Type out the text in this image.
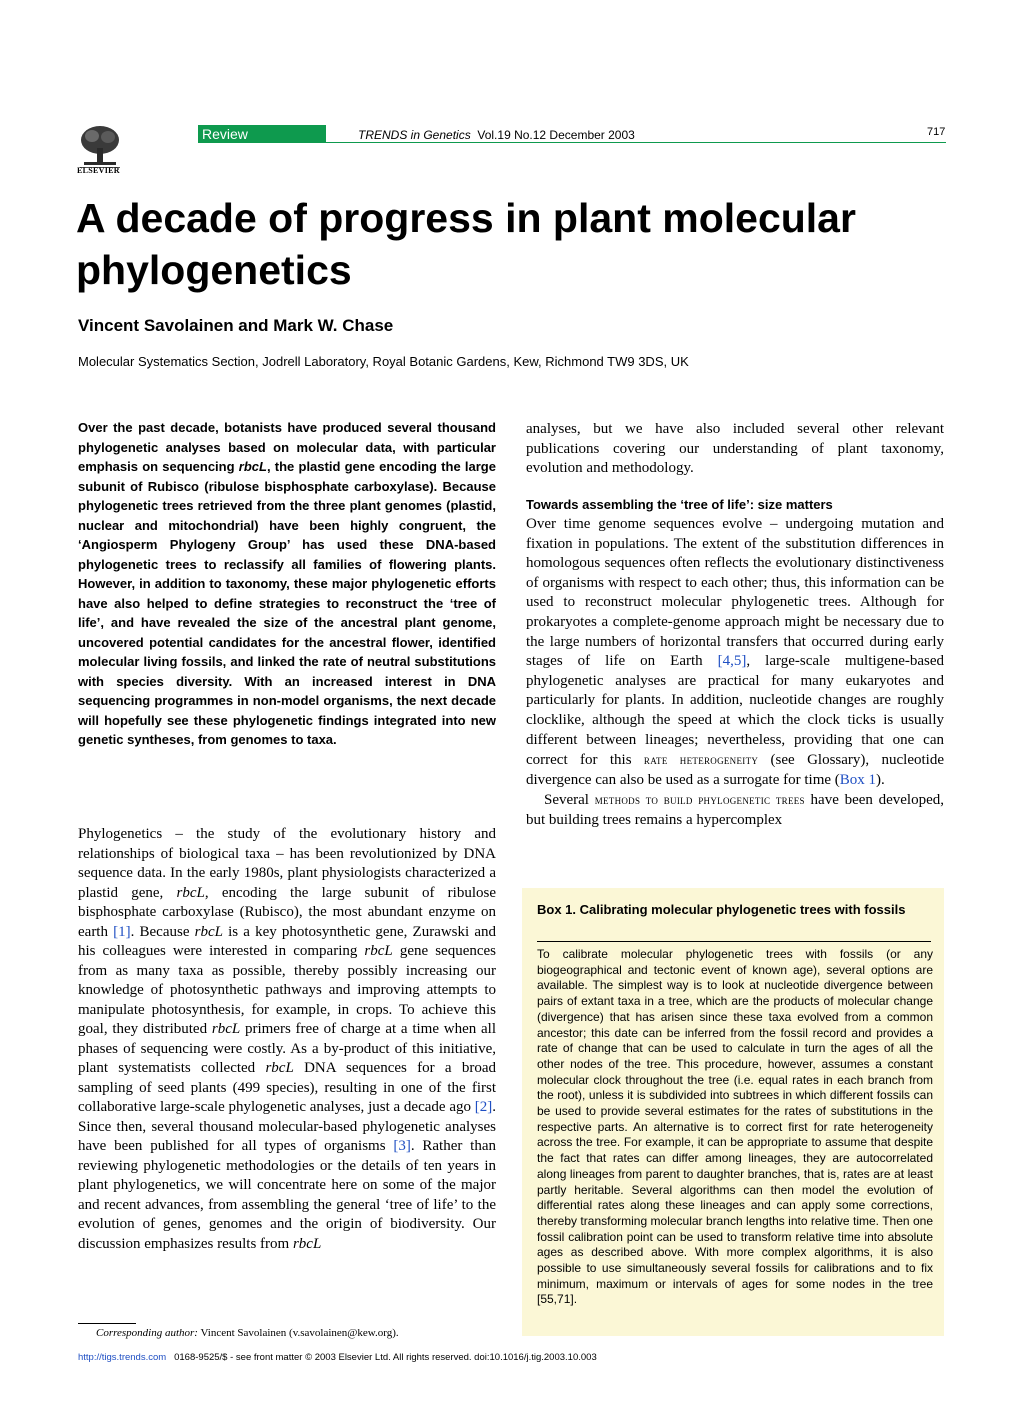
ELSEVIER
Review	TRENDS in Genetics Vol.19 No.12 December 2003	717
A decade of progress in plant molecular phylogenetics
Vincent Savolainen and Mark W. Chase
Molecular Systematics Section, Jodrell Laboratory, Royal Botanic Gardens, Kew, Richmond TW9 3DS, UK

Over the past decade, botanists have produced several thousand phylogenetic analyses based on molecular data, with particular emphasis on sequencing rbcL, the plastid gene encoding the large subunit of Rubisco (ribulose bisphosphate carboxylase). Because phylogenetic trees retrieved from the three plant genomes (plastid, nuclear and mitochondrial) have been highly congruent, the ‘Angiosperm Phylogeny Group’ has used these DNA-based phylogenetic trees to reclassify all families of flowering plants. However, in addition to taxonomy, these major phylogenetic efforts have also helped to define strategies to reconstruct the ‘tree of life’, and have revealed the size of the ancestral plant genome, uncovered potential candidates for the ancestral flower, identified molecular living fossils, and linked the rate of neutral substitutions with species diversity. With an increased interest in DNA sequencing programmes in non-model organisms, the next decade will hopefully see these phylogenetic findings integrated into new genetic syntheses, from genomes to taxa.

Phylogenetics – the study of the evolutionary history and relationships of biological taxa – has been revolutionized by DNA sequence data. In the early 1980s, plant physiologists characterized a plastid gene, rbcL, encoding the large subunit of ribulose bisphosphate carboxylase (Rubisco), the most abundant enzyme on earth [1]. Because rbcL is a key photosynthetic gene, Zurawski and his colleagues were interested in comparing rbcL gene sequences from as many taxa as possible, thereby possibly increasing our knowledge of photosynthetic pathways and improving attempts to manipulate photosynthesis, for example, in crops. To achieve this goal, they distributed rbcL primers free of charge at a time when all phases of sequencing were costly. As a by-product of this initiative, plant systematists collected rbcL DNA sequences for a broad sampling of seed plants (499 species), resulting in one of the first collaborative large-scale phylogenetic analyses, just a decade ago [2]. Since then, several thousand molecular-based phylogenetic analyses have been published for all types of organisms [3]. Rather than reviewing phylogenetic methodologies or the details of ten years in plant phylogenetics, we will concentrate here on some of the major and recent advances, from assembling the general ‘tree of life’ to the evolution of genes, genomes and the origin of biodiversity. Our discussion emphasizes results from rbcL

analyses, but we have also included several other relevant publications covering our understanding of plant taxonomy, evolution and methodology.

Towards assembling the ‘tree of life’: size matters

Over time genome sequences evolve – undergoing mutation and fixation in populations. The extent of the substitution differences in homologous sequences often reflects the evolutionary distinctiveness of organisms with respect to each other; thus, this information can be used to reconstruct molecular phylogenetic trees. Although for prokaryotes a complete-genome approach might be necessary due to the large numbers of horizontal transfers that occurred during early stages of life on Earth [4,5], large-scale multigene-based phylogenetic analyses are practical for many eukaryotes and particularly for plants. In addition, nucleotide changes are roughly clocklike, although the speed at which the clock ticks is usually different between lineages; nevertheless, providing that one can correct for this rate heterogeneity (see Glossary), nucleotide divergence can also be used as a surrogate for time (Box 1).

Several methods to build phylogenetic trees have been developed, but building trees remains a hypercomplex

Box 1. Calibrating molecular phylogenetic trees with fossils
To calibrate molecular phylogenetic trees with fossils (or any biogeographical and tectonic event of known age), several options are available. The simplest way is to look at nucleotide divergence between pairs of extant taxa in a tree, which are the products of molecular change (divergence) that has arisen since these taxa evolved from a common ancestor; this date can be inferred from the fossil record and provides a rate of change that can be used to calculate in turn the ages of all the other nodes of the tree. This procedure, however, assumes a constant molecular clock throughout the tree (i.e. equal rates in each branch from the root), unless it is subdivided into subtrees in which different fossils can be used to provide several estimates for the rates of substitutions in the respective parts. An alternative is to correct first for rate heterogeneity across the tree. For example, it can be appropriate to assume that despite the fact that rates can differ among lineages, they are autocorrelated along lineages from parent to daughter branches, that is, rates are at least partly heritable. Several algorithms can then model the evolution of differential rates along these lineages and can apply some corrections, thereby transforming molecular branch lengths into relative time. Then one fossil calibration point can be used to transform relative time into absolute ages as described above. With more complex algorithms, it is also possible to use simultaneously several fossils for calibrations and to fix minimum, maximum or intervals of ages for some nodes in the tree [55,71].
Corresponding author: Vincent Savolainen (v.savolainen@kew.org).
http://tigs.trends.com 0168-9525/$ - see front matter © 2003 Elsevier Ltd. All rights reserved. doi:10.1016/j.tig.2003.10.003
